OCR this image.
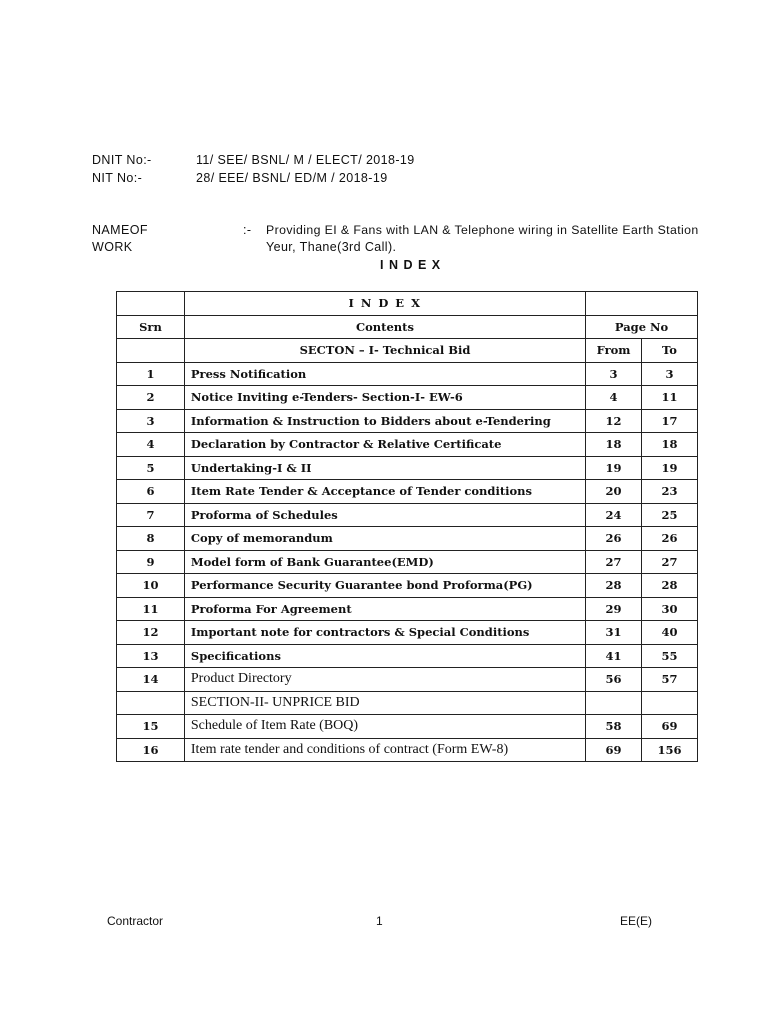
DNIT No:-	11/ SEE/ BSNL/ M / ELECT/ 2018-19
NIT No:-	28/ EEE/ BSNL/ ED/M / 2018-19
NAMEOF
WORK
:- Providing EI & Fans with LAN & Telephone wiring in Satellite Earth Station
Yeur, Thane(3rd Call).
I N D E X
	I N D E X		
Srn	Contents	Page No	
	SECTON – I- Technical Bid	From	To
1	Press Notification	3	3
2	Notice Inviting e-Tenders- Section-I- EW-6	4	11
3	Information & Instruction to Bidders about e-Tendering	12	17
4	Declaration by Contractor & Relative Certificate	18	18
5	Undertaking-I & II	19	19
6	Item Rate Tender & Acceptance of Tender conditions	20	23
7	Proforma of Schedules	24	25
8	Copy of memorandum	26	26
9	Model form of Bank Guarantee(EMD)	27	27
10	Performance Security Guarantee bond Proforma(PG)	28	28
11	Proforma For Agreement	29	30
12	Important note for contractors & Special Conditions	31	40
13	Specifications	41	55
14	Product Directory	56	57
	SECTION-II- UNPRICE BID		
15	Schedule of Item Rate (BOQ)	58	69
16	Item rate tender and conditions of contract (Form EW-8)	69	156
Contractor	1	EE(E)
